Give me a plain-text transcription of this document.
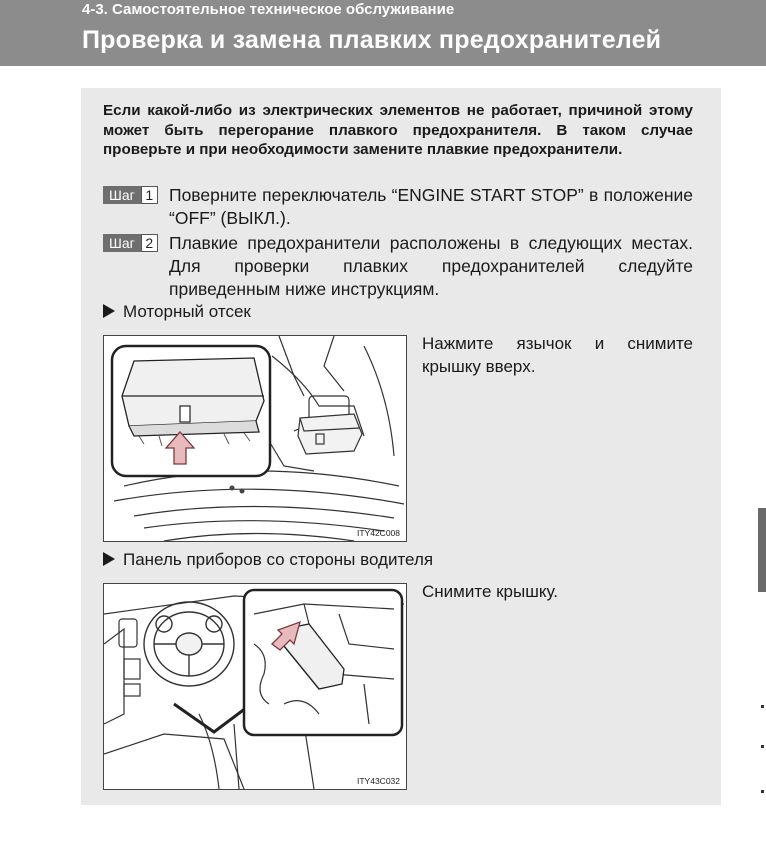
4-3. Самостоятельное техническое обслуживание
Проверка и замена плавких предохранителей
Если какой-либо из электрических элементов не работает, причиной этому может быть перегорание плавкого предохранителя. В таком случае проверьте и при необходимости замените плавкие предохранители.
Шаг 1 Поверните переключатель “ENGINE START STOP” в положение “OFF” (ВЫКЛ.).
Шаг 2 Плавкие предохранители расположены в следующих местах. Для проверки плавких предохранителей следуйте приведенным ниже инструкциям.
Моторный отсек
ITY42C008
Нажмите язычок и снимите крышку вверх.
Панель приборов со стороны водителя
ITY43C032
Снимите крышку.
